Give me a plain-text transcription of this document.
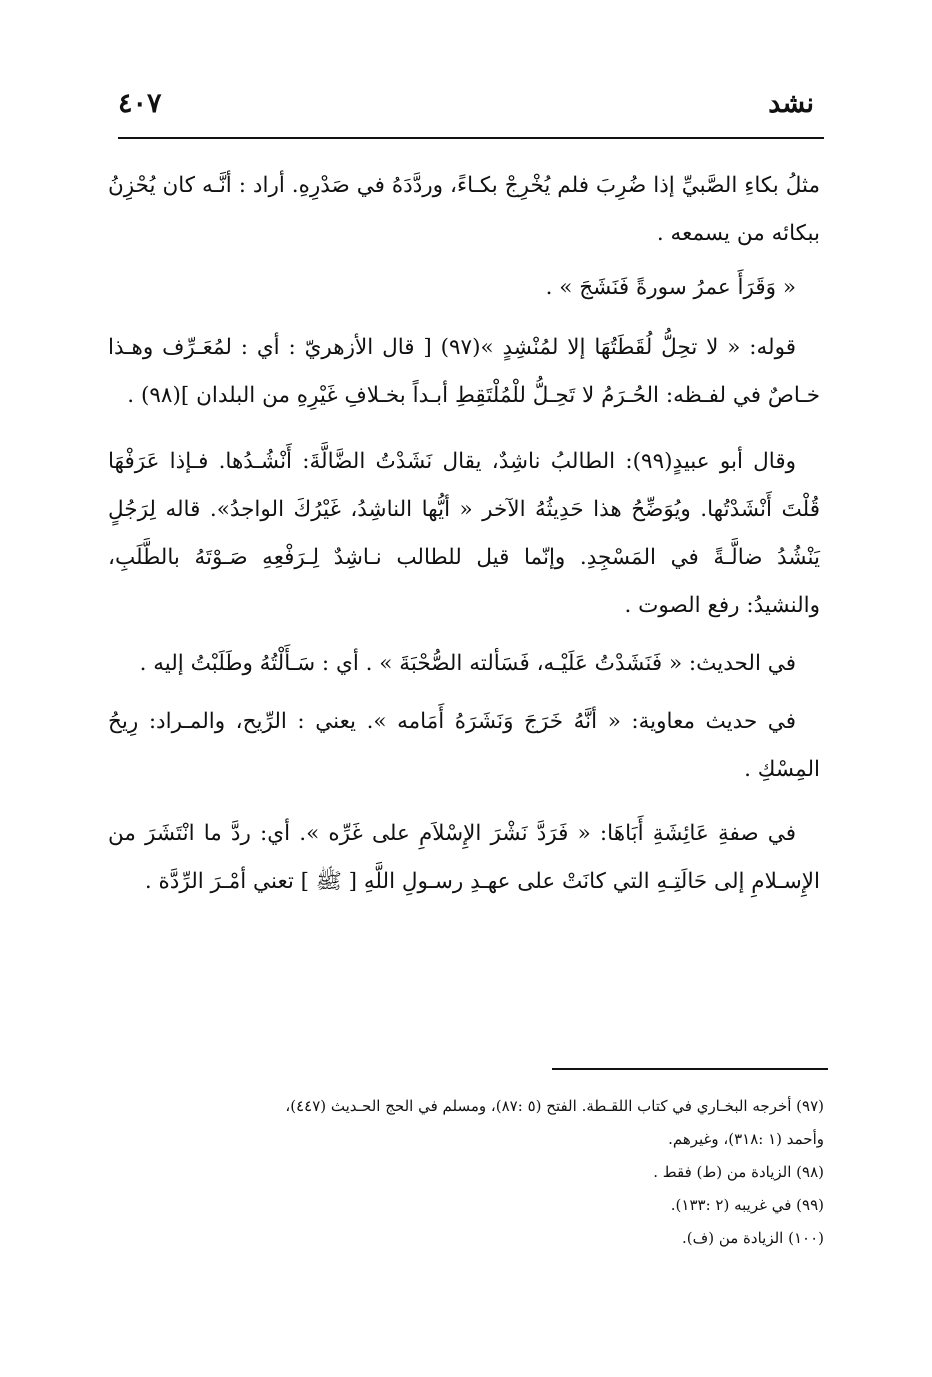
نشد
٤٠٧

مثلُ بكاءِ الصَّبيِّ إذا ضُرِبَ فلم يُخْرِجْ بكـاءً، وردَّدَهُ في صَدْرِهِ. أراد : أنَّـه كان يُحْزِنُ ببكائه من يسمعه .

« وَقَرَأَ عمرُ سورةً فَنَشَجَ » .

قوله: « لا تحِلُّ لُقَطَتُهَا إلا لمُنْشِدٍ »(٩٧) [ قال الأزهريّ : أي : لمُعَـرِّف وهـذا خـاصٌ في لفـظه: الحُـرَمُ لا تَحِـلُّ للْمُلْتَقِطِ أبـداً بخـلافِ غَيْرِهِ من البلدان ](٩٨) .

وقال أبو عبيدٍ(٩٩): الطالبُ ناشِدٌ، يقال نَشَدْتُ الضَّالَّةَ: أَنْشُـدُها. فـإذا عَرَفْهَا قُلْتَ أَنْشَدْتُها. ويُوَضِّحُ هذا حَدِيثُهُ الآخر « أيُّها الناشِدُ، غَيْرُكَ الواجدُ». قاله لِرَجُلٍ يَنْشُدُ ضالَّـةً في المَسْجِدِ. وإنّما قيل للطالب نـاشِدٌ لِـرَفْعِهِ صَـوْتَهُ بالطَّلَبِ، والنشيدُ: رفع الصوت .

في الحديث: « فَنَشَدْتُ عَلَيْـه، فَسَألته الصُّحْبَةَ » . أي : سَـأَلْتُهُ وطَلَبْتُ إليه .

في حديث معاوية: « أنَّهُ خَرَجَ وَنَشَرَهُ أَمَامه ». يعني : الرِّيح، والمـراد: رِيحُ المِسْكِ .

في صفةِ عَائِشَةِ أَبَاهَا: « فَرَدَّ نَشْرَ الإِسْلاَمِ على غَرِّه ». أي: ردَّ ما انْتَشَرَ من الإِسـلامِ إلى حَالَتِـهِ التي كانَتْ على عهـدِ رسـولِ اللَّهِ [ ﷺ ] تعني أمْـرَ الرِّدَّة .

(٩٧) أخرجه البخـاري في كتاب اللقـطة. الفتح (٥ :٨٧)، ومسلم في الحج الحـديث (٤٤٧)،

وأحمد (١ :٣١٨)، وغيرهم.

(٩٨) الزيادة من (ط) فقط .

(٩٩) في غريبه (٢ :١٣٣).

(١٠٠) الزيادة من (ف).
